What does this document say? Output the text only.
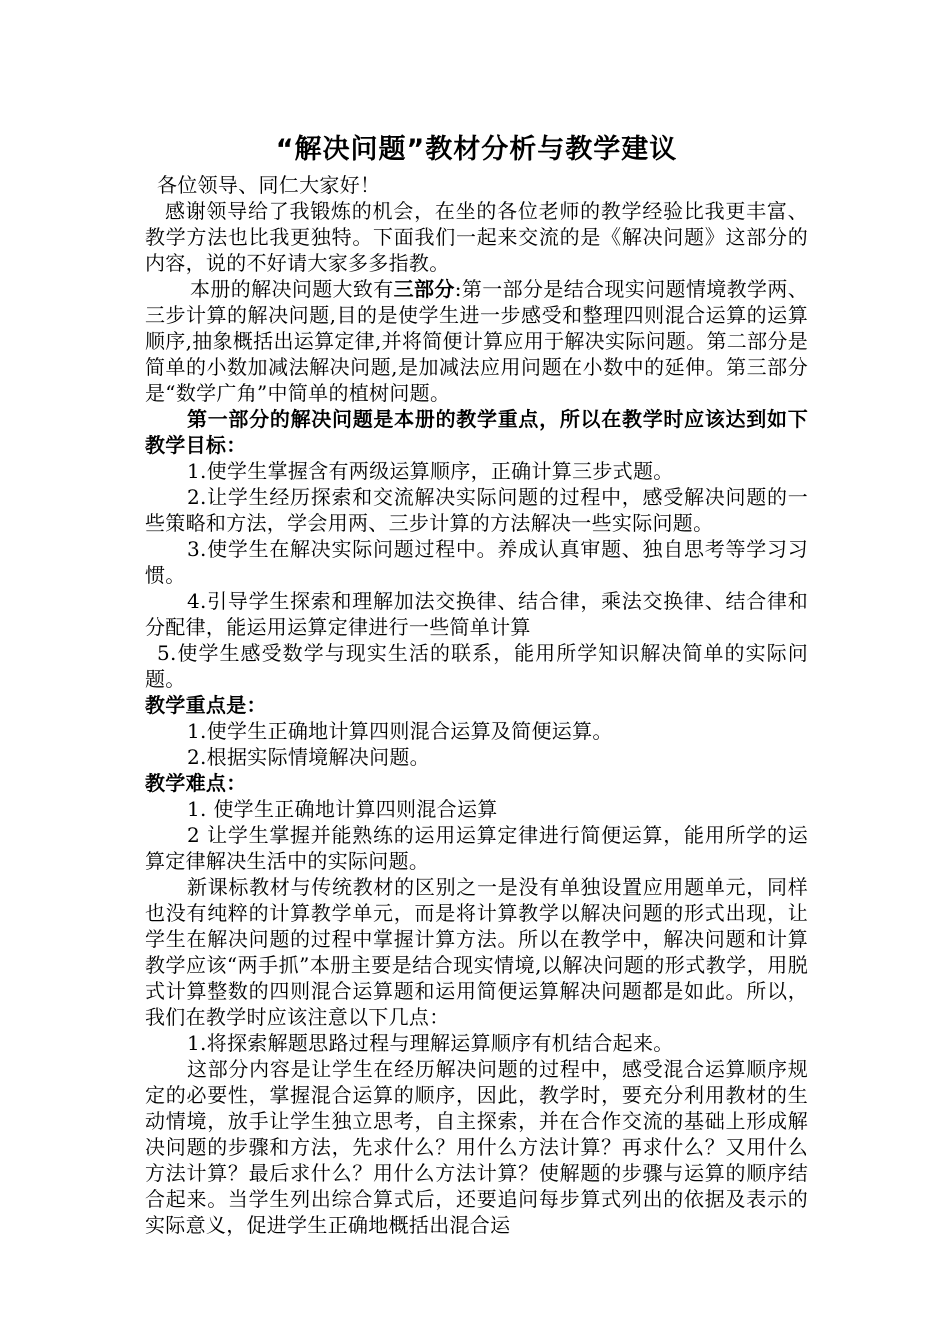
“解决问题”教材分析与教学建议

各位领导、同仁大家好！

感谢领导给了我锻炼的机会，在坐的各位老师的教学经验比我更丰富、教学方法也比我更独特。下面我们一起来交流的是《解决问题》这部分的内容，说的不好请大家多多指教。

本册的解决问题大致有三部分:第一部分是结合现实问题情境教学两、三步计算的解决问题,目的是使学生进一步感受和整理四则混合运算的运算顺序,抽象概括出运算定律,并将简便计算应用于解决实际问题。第二部分是简单的小数加减法解决问题,是加减法应用问题在小数中的延伸。第三部分是“数学广角”中简单的植树问题。

第一部分的解决问题是本册的教学重点，所以在教学时应该达到如下教学目标：

1.使学生掌握含有两级运算顺序，正确计算三步式题。

2.让学生经历探索和交流解决实际问题的过程中，感受解决问题的一些策略和方法，学会用两、三步计算的方法解决一些实际问题。

3.使学生在解决实际问题过程中。养成认真审题、独自思考等学习习惯。

4.引导学生探索和理解加法交换律、结合律，乘法交换律、结合律和分配律，能运用运算定律进行一些简单计算

5.使学生感受数学与现实生活的联系，能用所学知识解决简单的实际问题。

教学重点是：

1.使学生正确地计算四则混合运算及简便运算。

2.根据实际情境解决问题。

教学难点：

1. 使学生正确地计算四则混合运算

2 让学生掌握并能熟练的运用运算定律进行简便运算，能用所学的运算定律解决生活中的实际问题。

新课标教材与传统教材的区别之一是没有单独设置应用题单元，同样也没有纯粹的计算教学单元，而是将计算教学以解决问题的形式出现，让学生在解决问题的过程中掌握计算方法。所以在教学中，解决问题和计算教学应该“两手抓”本册主要是结合现实情境,以解决问题的形式教学，用脱式计算整数的四则混合运算题和运用简便运算解决问题都是如此。所以，我们在教学时应该注意以下几点：

1.将探索解题思路过程与理解运算顺序有机结合起来。

这部分内容是让学生在经历解决问题的过程中，感受混合运算顺序规定的必要性，掌握混合运算的顺序，因此，教学时，要充分利用教材的生动情境，放手让学生独立思考，自主探索，并在合作交流的基础上形成解决问题的步骤和方法，先求什么？用什么方法计算？再求什么？又用什么方法计算？最后求什么？用什么方法计算？使解题的步骤与运算的顺序结合起来。当学生列出综合算式后，还要追问每步算式列出的依据及表示的实际意义，促进学生正确地概括出混合运
